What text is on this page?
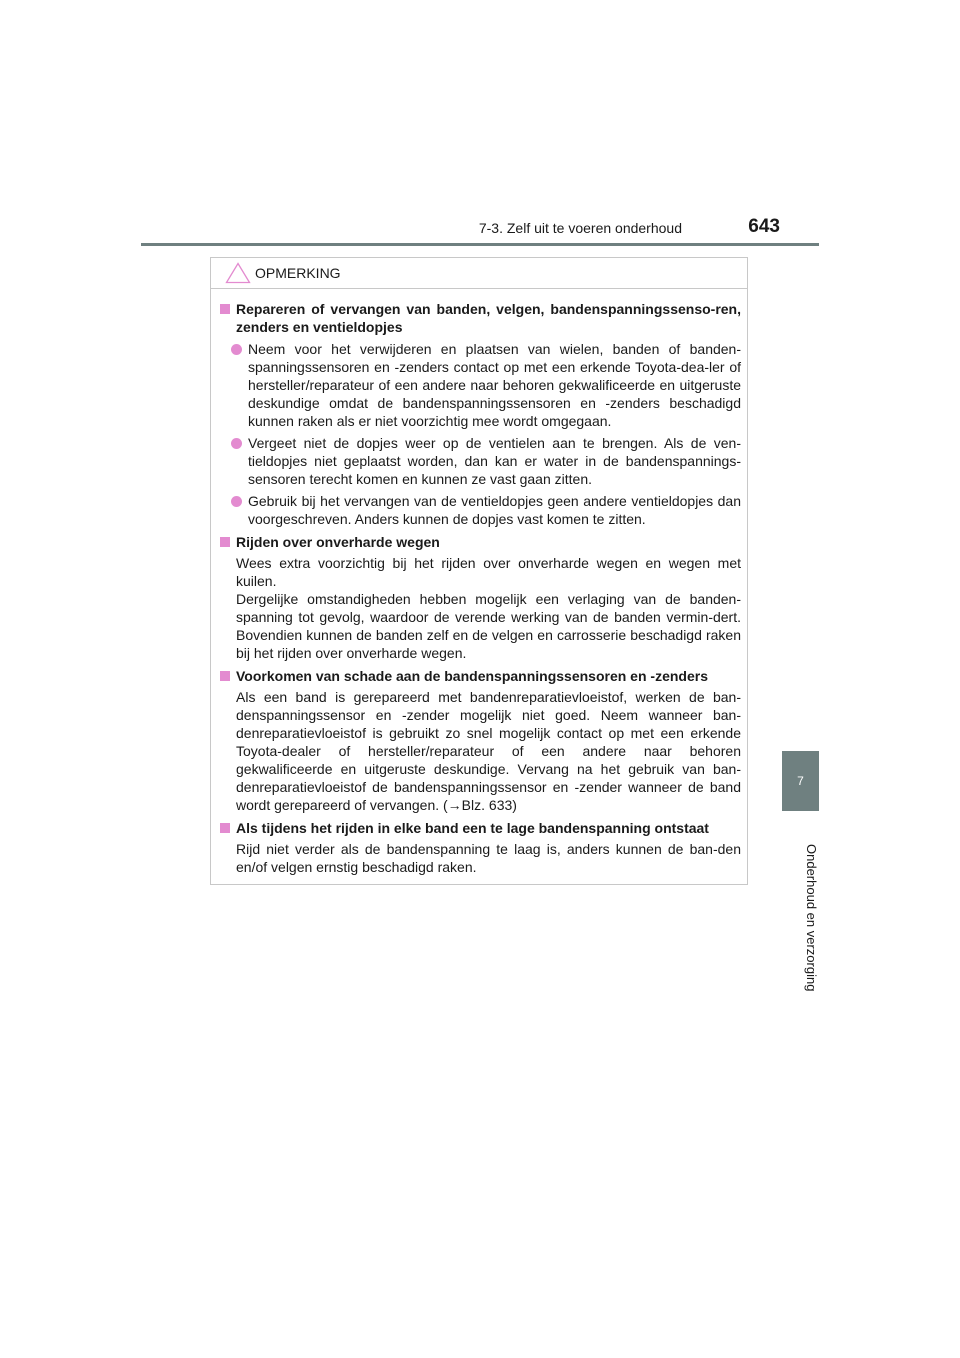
7-3. Zelf uit te voeren onderhoud	643
7
Onderhoud en verzorging
OPMERKING
Repareren of vervangen van banden, velgen, bandenspanningssenso-ren, zenders en ventieldopjes
Neem voor het verwijderen en plaatsen van wielen, banden of banden-spanningssensoren en -zenders contact op met een erkende Toyota-dea-ler of hersteller/reparateur of een andere naar behoren gekwalificeerde en uitgeruste deskundige omdat de bandenspanningssensoren en -zenders beschadigd kunnen raken als er niet voorzichtig mee wordt omgegaan.
Vergeet niet de dopjes weer op de ventielen aan te brengen. Als de ven-tieldopjes niet geplaatst worden, dan kan er water in de bandenspannings-sensoren terecht komen en kunnen ze vast gaan zitten.
Gebruik bij het vervangen van de ventieldopjes geen andere ventieldopjes dan voorgeschreven. Anders kunnen de dopjes vast komen te zitten.
Rijden over onverharde wegen
Wees extra voorzichtig bij het rijden over onverharde wegen en wegen met kuilen.
Dergelijke omstandigheden hebben mogelijk een verlaging van de banden-spanning tot gevolg, waardoor de verende werking van de banden vermin-dert. Bovendien kunnen de banden zelf en de velgen en carrosserie beschadigd raken bij het rijden over onverharde wegen.
Voorkomen van schade aan de bandenspanningssensoren en -zenders
Als een band is gerepareerd met bandenreparatievloeistof, werken de ban-denspanningssensor en -zender mogelijk niet goed. Neem wanneer ban-denreparatievloeistof is gebruikt zo snel mogelijk contact op met een erkende Toyota-dealer of hersteller/reparateur of een andere naar behoren gekwalificeerde en uitgeruste deskundige. Vervang na het gebruik van ban-denreparatievloeistof de bandenspanningssensor en -zender wanneer de band wordt gerepareerd of vervangen. (→Blz. 633)
Als tijdens het rijden in elke band een te lage bandenspanning ontstaat
Rijd niet verder als de bandenspanning te laag is, anders kunnen de ban-den en/of velgen ernstig beschadigd raken.
